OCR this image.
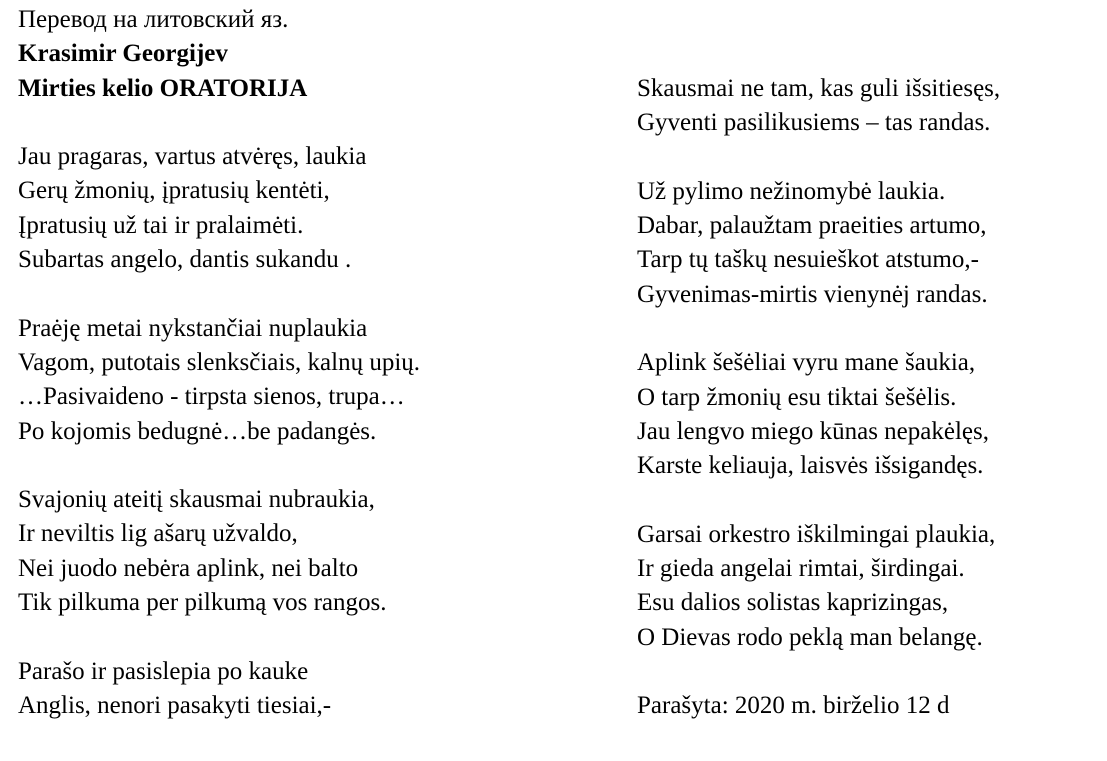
Перевод на литовский яз.
Krasimir Georgijev
Mirties kelio ORATORIJA
Jau pragaras, vartus atvėręs, laukia
Gerų žmonių, įpratusių kentėti,
Įpratusių už tai ir pralaimėti.
Subartas angelo, dantis sukandu .
Praėję metai nykstančiai nuplaukia
Vagom, putotais slenksčiais, kalnų upių.
…Pasivaideno - tirpsta sienos, trupa…
Po kojomis bedugnė…be padangės.
Svajonių ateitį skausmai nubraukia,
Ir neviltis lig ašarų užvaldo,
Nei juodo nebėra aplink, nei balto
Tik pilkuma per pilkumą vos rangos.
Parašo ir pasislepia po kauke
Anglis, nenori pasakyti tiesiai,-
Skausmai ne tam, kas guli išsitiesęs,
Gyventi pasilikusiems – tas randas.
Už pylimo nežinomybė laukia.
Dabar, palaužtam praeities artumo,
Tarp tų taškų nesuieškot atstumo,-
Gyvenimas-mirtis vienynėj randas.
Aplink šešėliai vyru mane šaukia,
O tarp žmonių esu tiktai šešėlis.
Jau lengvo miego kūnas nepakėlęs,
Karste keliauja, laisvės išsigandęs.
Garsai orkestro iškilmingai plaukia,
Ir gieda angelai rimtai, širdingai.
Esu dalios solistas kaprizingas,
O Dievas rodo peklą man belangę.
Parašyta: 2020 m. birželio 12 d
